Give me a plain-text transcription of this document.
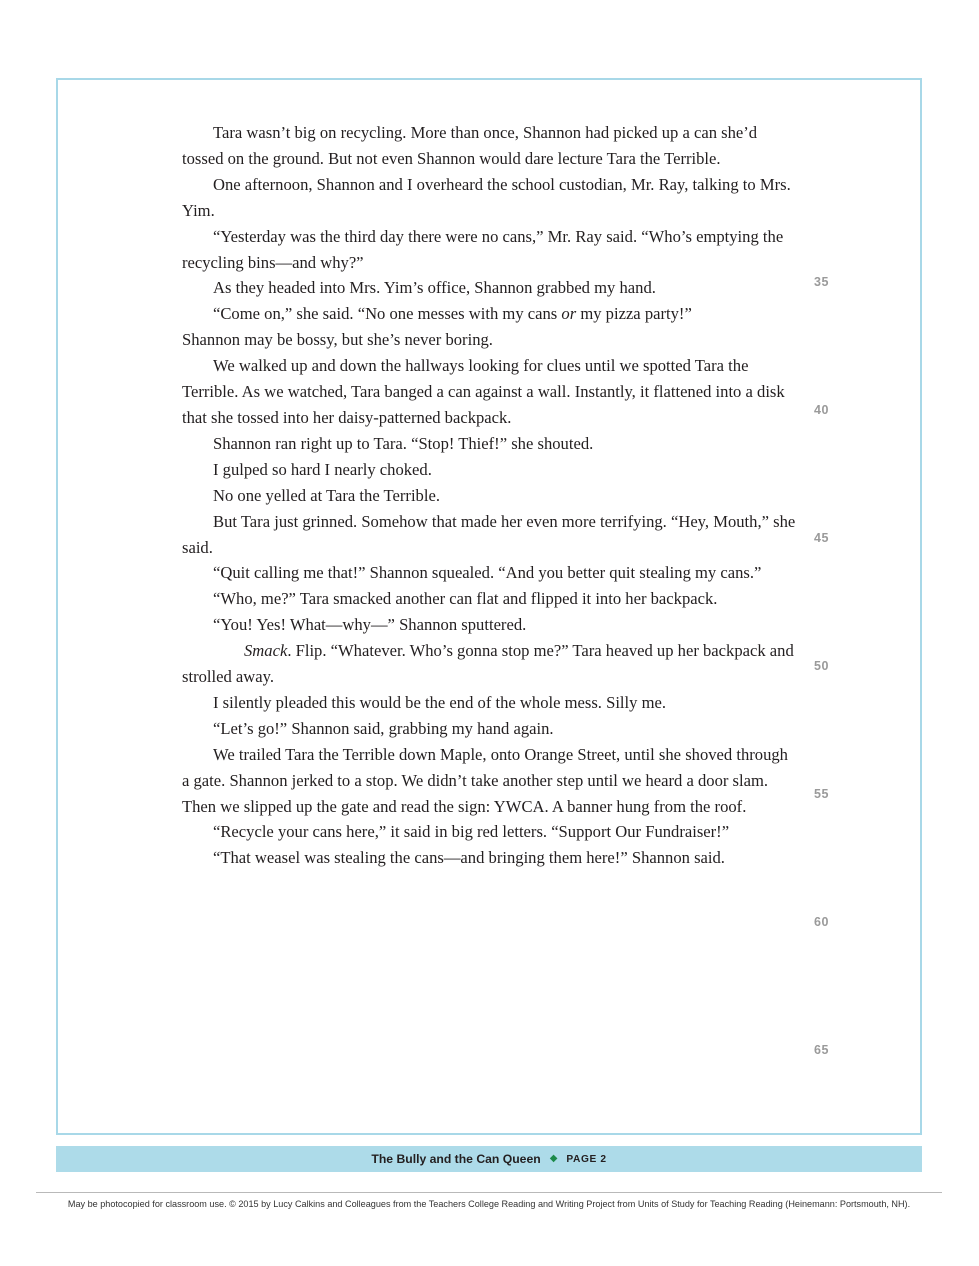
Tara wasn’t big on recycling. More than once, Shannon had picked up a can she’d tossed on the ground. But not even Shannon would dare lecture Tara the Terrible.

One afternoon, Shannon and I overheard the school custodian, Mr. Ray, talking to Mrs. Yim.

“Yesterday was the third day there were no cans,” Mr. Ray said. “Who’s emptying the recycling bins—and why?”

As they headed into Mrs. Yim’s office, Shannon grabbed my hand.

“Come on,” she said. “No one messes with my cans or my pizza party!”

Shannon may be bossy, but she’s never boring.

We walked up and down the hallways looking for clues until we spotted Tara the Terrible. As we watched, Tara banged a can against a wall. Instantly, it flattened into a disk that she tossed into her daisy-patterned backpack.

Shannon ran right up to Tara. “Stop! Thief!” she shouted.

I gulped so hard I nearly choked.

No one yelled at Tara the Terrible.

But Tara just grinned. Somehow that made her even more terrifying. “Hey, Mouth,” she said.

“Quit calling me that!” Shannon squealed. “And you better quit stealing my cans.”

“Who, me?” Tara smacked another can flat and flipped it into her backpack.

“You! Yes! What—why—” Shannon sputtered.

Smack. Flip. “Whatever. Who’s gonna stop me?” Tara heaved up her backpack and strolled away.

I silently pleaded this would be the end of the whole mess. Silly me.

“Let’s go!” Shannon said, grabbing my hand again.

We trailed Tara the Terrible down Maple, onto Orange Street, until she shoved through a gate. Shannon jerked to a stop. We didn’t take another step until we heard a door slam. Then we slipped up the gate and read the sign: YWCA. A banner hung from the roof.

“Recycle your cans here,” it said in big red letters. “Support Our Fundraiser!”

“That weasel was stealing the cans—and bringing them here!” Shannon said.

35
40
45
50
55
60
65
The Bully and the Can Queen ◆ PAGE 2
May be photocopied for classroom use. © 2015 by Lucy Calkins and Colleagues from the Teachers College Reading and Writing Project from Units of Study for Teaching Reading (Heinemann: Portsmouth, NH).
